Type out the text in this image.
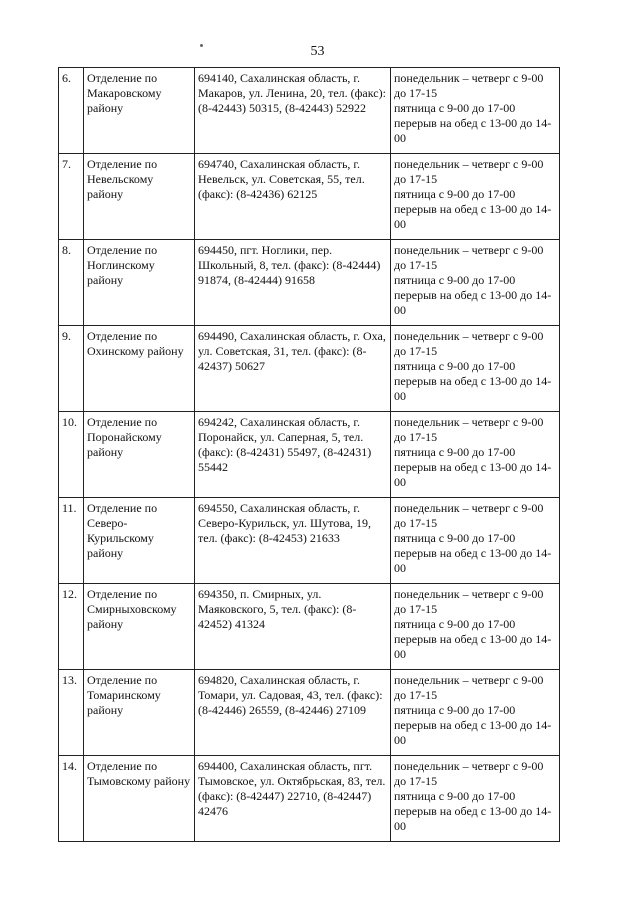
53
6.	Отделение по Макаровскому району	694140, Сахалинская область, г. Макаров, ул. Ленина, 20, тел. (факс): (8-42443) 50315, (8-42443) 52922	понедельник – четверг с 9-00 до 17-15
пятница с 9-00 до 17-00
перерыв на обед с 13-00 до 14-00

7.	Отделение по Невельскому району	694740, Сахалинская область, г. Невельск, ул. Советская, 55, тел. (факс): (8-42436) 62125	понедельник – четверг с 9-00 до 17-15
пятница с 9-00 до 17-00
перерыв на обед с 13-00 до 14-00

8.	Отделение по Ноглинскому району	694450, пгт. Ноглики, пер. Школьный, 8, тел. (факс): (8-42444) 91874, (8-42444) 91658	понедельник – четверг с 9-00 до 17-15
пятница с 9-00 до 17-00
перерыв на обед с 13-00 до 14-00

9.	Отделение по Охинскому району	694490, Сахалинская область, г. Оха, ул. Советская, 31, тел. (факс): (8-42437) 50627	понедельник – четверг с 9-00 до 17-15
пятница с 9-00 до 17-00
перерыв на обед с 13-00 до 14-00

10.	Отделение по Поронайскому району	694242, Сахалинская область, г. Поронайск, ул. Саперная, 5, тел. (факс): (8-42431) 55497, (8-42431) 55442	понедельник – четверг с 9-00 до 17-15
пятница с 9-00 до 17-00
перерыв на обед с 13-00 до 14-00

11.	Отделение по Северо-Курильскому району	694550, Сахалинская область, г. Северо-Курильск, ул. Шутова, 19, тел. (факс): (8-42453) 21633	понедельник – четверг с 9-00 до 17-15
пятница с 9-00 до 17-00
перерыв на обед с 13-00 до 14-00

12.	Отделение по Смирныховскому району	694350, п. Смирных, ул. Маяковского, 5, тел. (факс): (8-42452) 41324	понедельник – четверг с 9-00 до 17-15
пятница с 9-00 до 17-00
перерыв на обед с 13-00 до 14-00

13.	Отделение по Томаринскому району	694820, Сахалинская область, г. Томари, ул. Садовая, 43, тел. (факс): (8-42446) 26559, (8-42446) 27109	понедельник – четверг с 9-00 до 17-15
пятница с 9-00 до 17-00
перерыв на обед с 13-00 до 14-00

14.	Отделение по Тымовскому району	694400, Сахалинская область, пгт. Тымовское, ул. Октябрьская, 83, тел. (факс): (8-42447) 22710, (8-42447) 42476	понедельник – четверг с 9-00 до 17-15
пятница с 9-00 до 17-00
перерыв на обед с 13-00 до 14-00
